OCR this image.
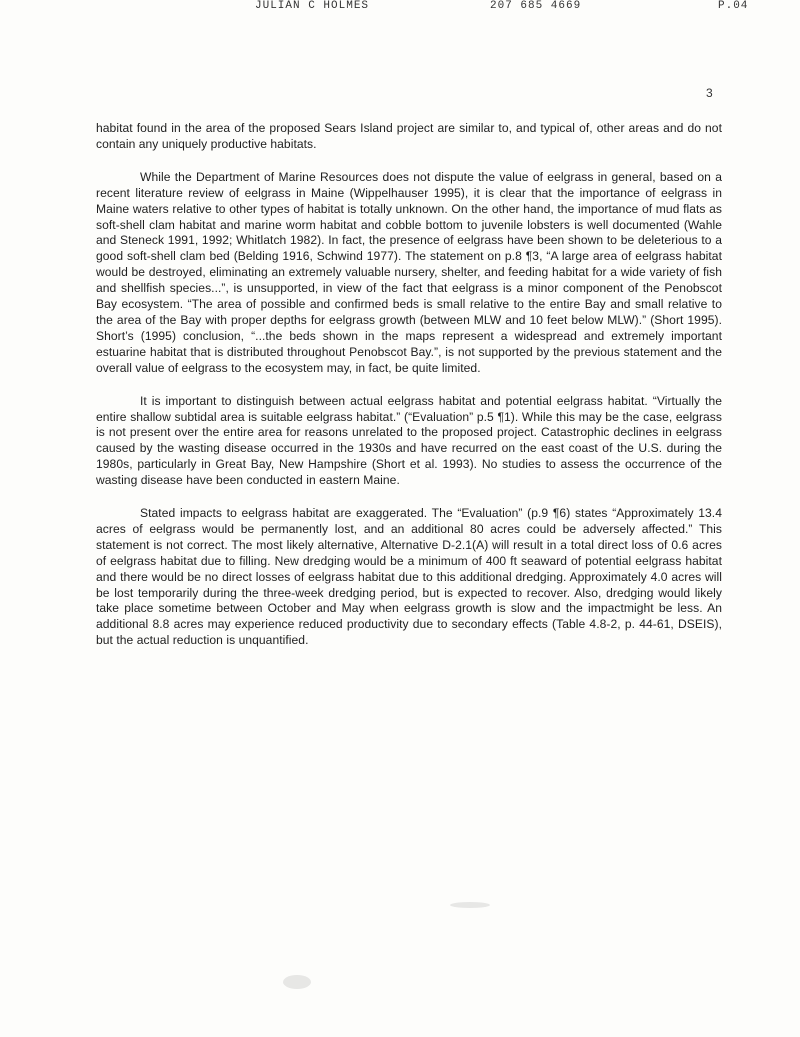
JULIAN C HOLMES	207 685 4669	P.04
3

habitat found in the area of the proposed Sears Island project are similar to, and typical of, other areas and do not contain any uniquely productive habitats.

While the Department of Marine Resources does not dispute the value of eelgrass in general, based on a recent literature review of eelgrass in Maine (Wippelhauser 1995), it is clear that the importance of eelgrass in Maine waters relative to other types of habitat is totally unknown. On the other hand, the importance of mud flats as soft-shell clam habitat and marine worm habitat and cobble bottom to juvenile lobsters is well documented (Wahle and Steneck 1991, 1992; Whitlatch 1982). In fact, the presence of eelgrass have been shown to be deleterious to a good soft-shell clam bed (Belding 1916, Schwind 1977). The statement on p.8 ¶3, “A large area of eelgrass habitat would be destroyed, eliminating an extremely valuable nursery, shelter, and feeding habitat for a wide variety of fish and shellfish species...”, is unsupported, in view of the fact that eelgrass is a minor component of the Penobscot Bay ecosystem. “The area of possible and confirmed beds is small relative to the entire Bay and small relative to the area of the Bay with proper depths for eelgrass growth (between MLW and 10 feet below MLW).” (Short 1995). Short’s (1995) conclusion, “...the beds shown in the maps represent a widespread and extremely important estuarine habitat that is distributed throughout Penobscot Bay.”, is not supported by the previous statement and the overall value of eelgrass to the ecosystem may, in fact, be quite limited.

It is important to distinguish between actual eelgrass habitat and potential eelgrass habitat. “Virtually the entire shallow subtidal area is suitable eelgrass habitat.” (“Evaluation” p.5 ¶1). While this may be the case, eelgrass is not present over the entire area for reasons unrelated to the proposed project. Catastrophic declines in eelgrass caused by the wasting disease occurred in the 1930s and have recurred on the east coast of the U.S. during the 1980s, particularly in Great Bay, New Hampshire (Short et al. 1993). No studies to assess the occurrence of the wasting disease have been conducted in eastern Maine.

Stated impacts to eelgrass habitat are exaggerated. The “Evaluation” (p.9 ¶6) states “Approximately 13.4 acres of eelgrass would be permanently lost, and an additional 80 acres could be adversely affected.” This statement is not correct. The most likely alternative, Alternative D-2.1(A) will result in a total direct loss of 0.6 acres of eelgrass habitat due to filling. New dredging would be a minimum of 400 ft seaward of potential eelgrass habitat and there would be no direct losses of eelgrass habitat due to this additional dredging. Approximately 4.0 acres will be lost temporarily during the three-week dredging period, but is expected to recover. Also, dredging would likely take place sometime between October and May when eelgrass growth is slow and the impactmight be less. An additional 8.8 acres may experience reduced productivity due to secondary effects (Table 4.8-2, p. 44-61, DSEIS), but the actual reduction is unquantified.
